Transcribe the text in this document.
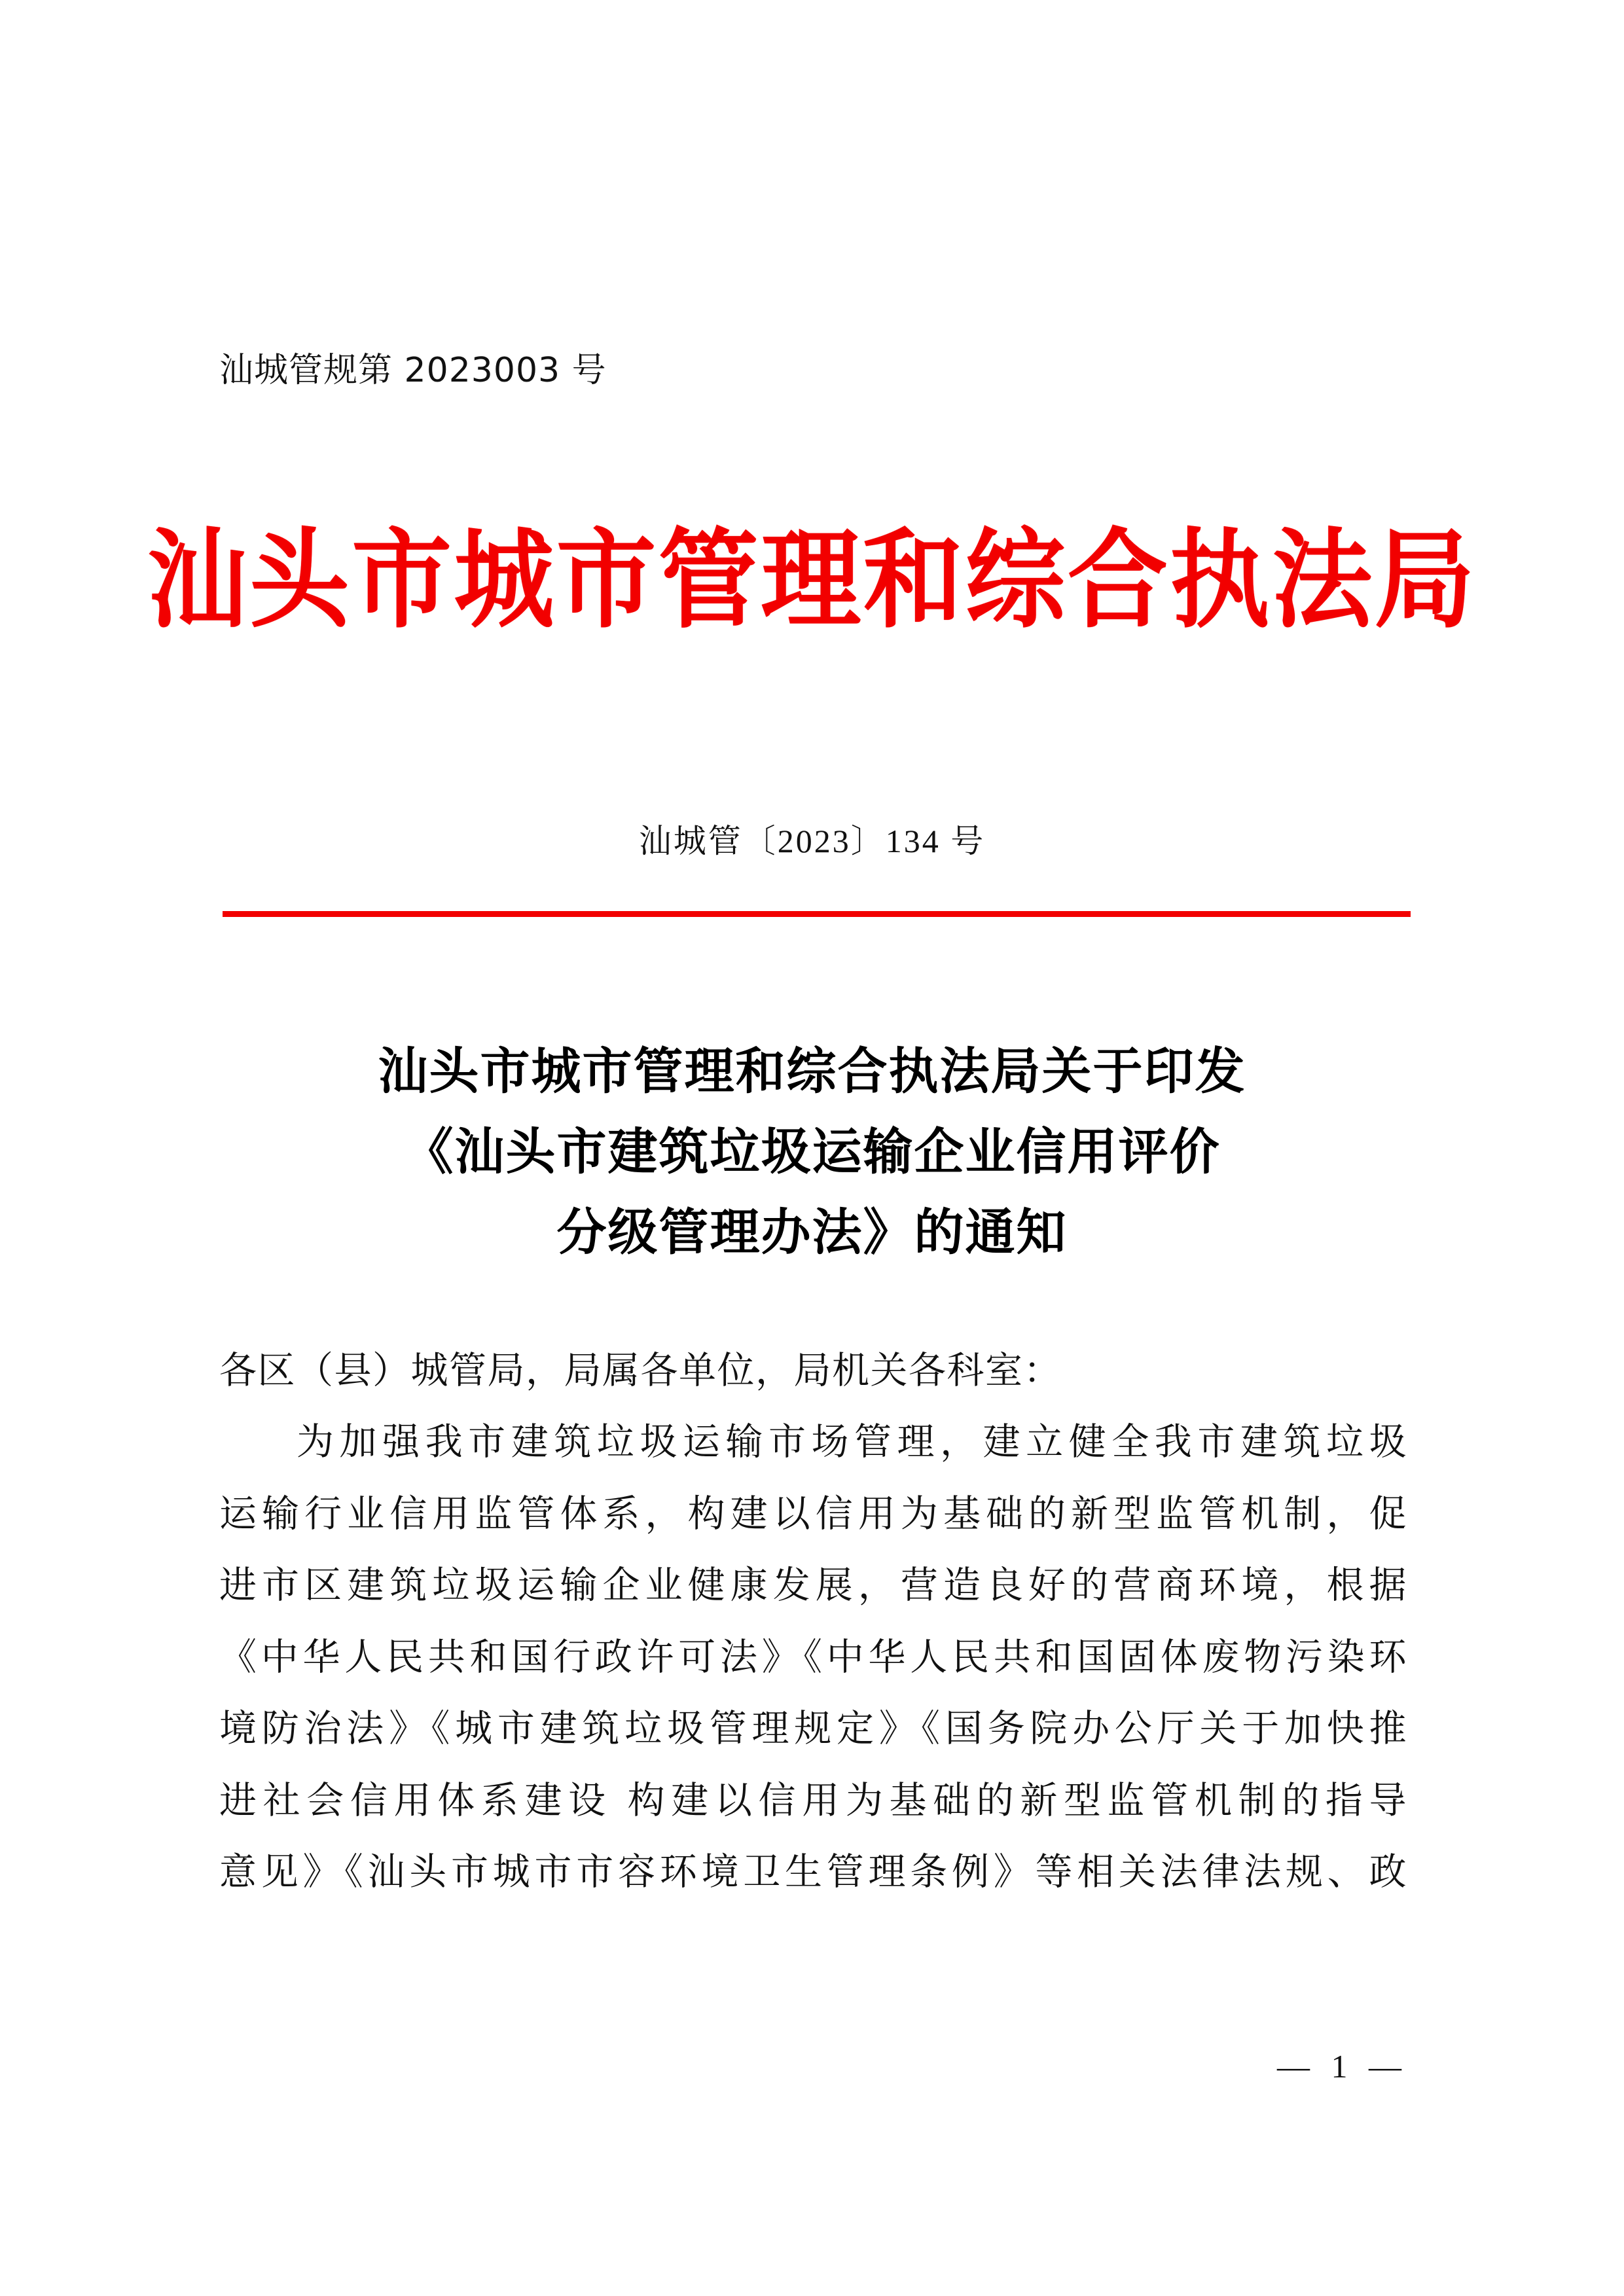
汕城管规第 2023003 号
汕头市城市管理和综合执法局
汕城管〔2023〕134 号
汕头市城市管理和综合执法局关于印发
《汕头市建筑垃圾运输企业信用评价
分级管理办法》的通知
各区（县）城管局，局属各单位，局机关各科室：
为加强我市建筑垃圾运输市场管理，建立健全我市建筑垃圾
运输行业信用监管体系，构建以信用为基础的新型监管机制，促
进市区建筑垃圾运输企业健康发展，营造良好的营商环境，根据
《中华人民共和国行政许可法》《中华人民共和国固体废物污染环
境防治法》《城市建筑垃圾管理规定》《国务院办公厅关于加快推
进社会信用体系建设 构建以信用为基础的新型监管机制的指导
意见》《汕头市城市市容环境卫生管理条例》等相关法律法规、政
— 1 —
